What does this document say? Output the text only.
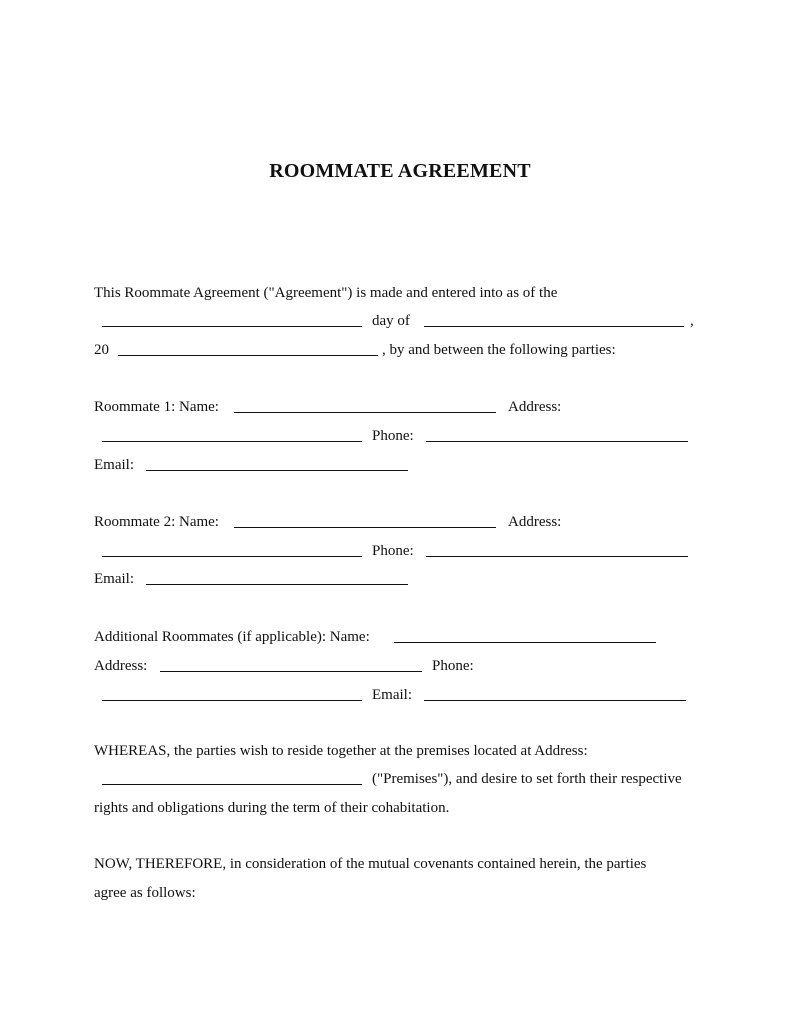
ROOMMATE AGREEMENT
This Roommate Agreement ("Agreement") is made and entered into as of the
day of	,
20	, by and between the following parties:
Roommate 1: Name:	Address:
Phone:
Email:
Roommate 2: Name:	Address:
Phone:
Email:
Additional Roommates (if applicable): Name:
Address:	Phone:
Email:
WHEREAS, the parties wish to reside together at the premises located at Address:
("Premises"), and desire to set forth their respective
rights and obligations during the term of their cohabitation.
NOW, THEREFORE, in consideration of the mutual covenants contained herein, the parties
agree as follows:
